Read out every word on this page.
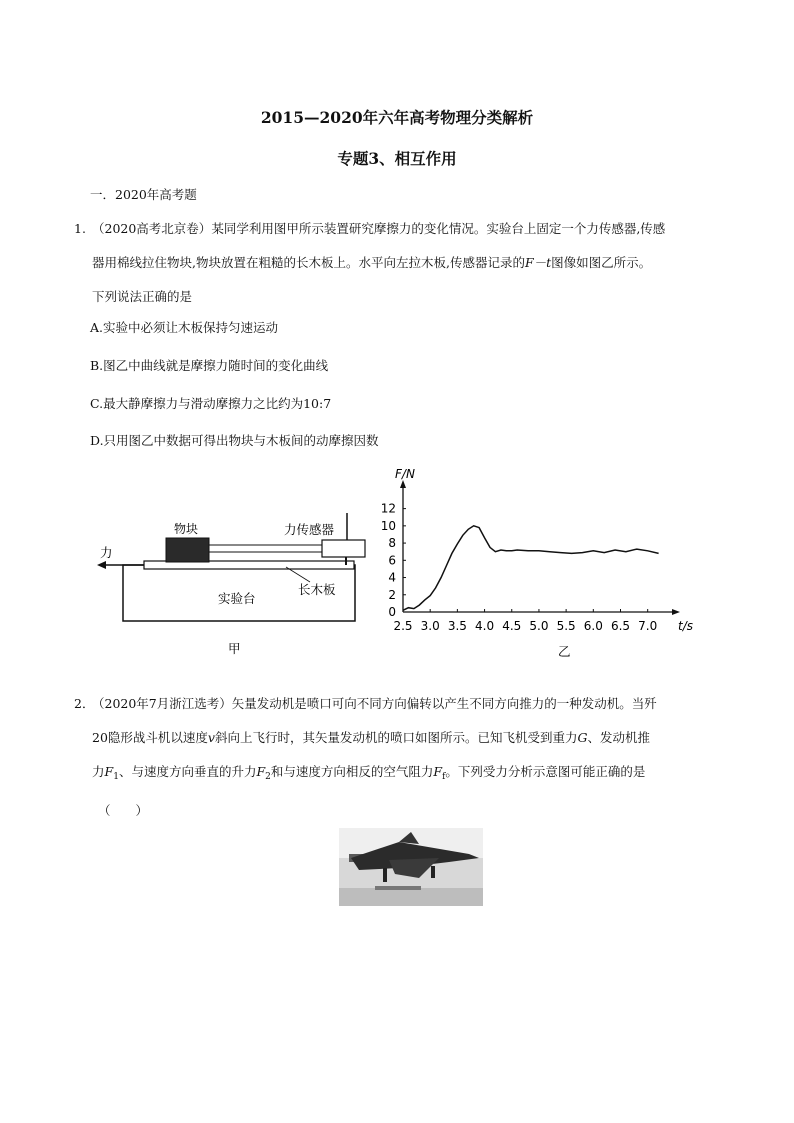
2015—2020年六年高考物理分类解析
专题3、相互作用
一．2020年高考题
1. （2020高考北京卷）某同学利用图甲所示装置研究摩擦力的变化情况。实验台上固定一个力传感器,传感
器用棉线拉住物块,物块放置在粗糙的长木板上。水平向左拉木板,传感器记录的F－t图像如图乙所示。
下列说法正确的是
A.实验中必须让木板保持匀速运动
B.图乙中曲线就是摩擦力随时间的变化曲线
C.最大静摩擦力与滑动摩擦力之比约为10:7
D.只用图乙中数据可得出物块与木板间的动摩擦因数
物块	力传感器
力
长木板
实验台
甲
2.5 3.0 3.5 4.0 4.5 5.0 5.5 6.0 6.5 7.0
0
2
4
6
8
10
12
F/N
t/s
乙
2．
（2020年7月浙江选考）矢量发动机是喷口可向不同方向偏转以产生不同方向推力的一种发动机。当歼
20隐形战斗机以速度v斜向上飞行时，其矢量发动机的喷口如图所示。已知飞机受到重力G、发动机推
力$F_1$、与速度方向垂直的升力$F_2$和与速度方向相反的空气阻力$F_f$。下列受力分析示意图可能正确的是
（　　）
